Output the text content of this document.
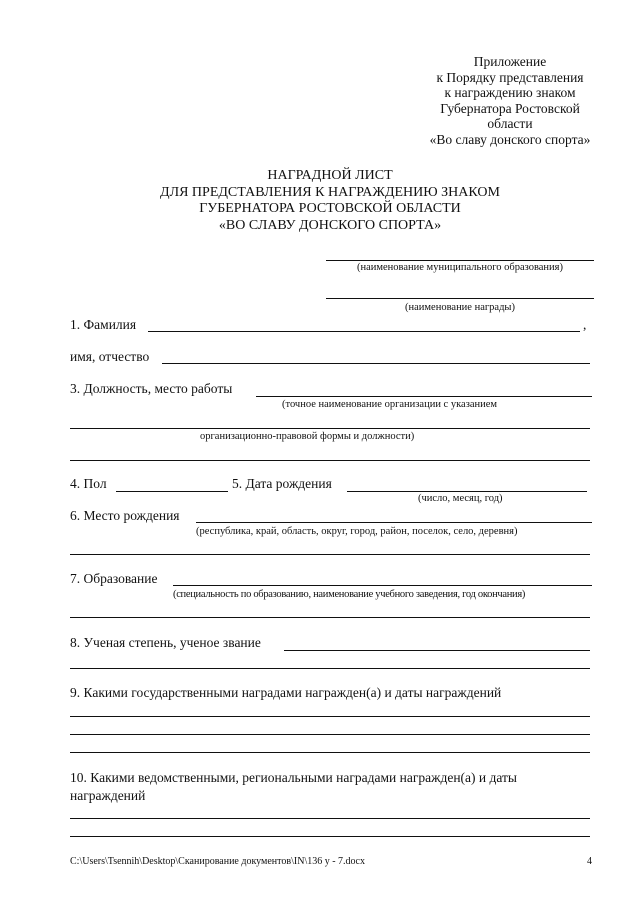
Приложение
к Порядку представления
к награждению знаком
Губернатора Ростовской
области
«Во славу донского спорта»
НАГРАДНОЙ ЛИСТ
ДЛЯ ПРЕДСТАВЛЕНИЯ К НАГРАЖДЕНИЮ ЗНАКОМ
ГУБЕРНАТОРА РОСТОВСКОЙ ОБЛАСТИ
«ВО СЛАВУ ДОНСКОГО СПОРТА»
(наименование муниципального образования)
(наименование награды)
1. Фамилия	,
имя, отчество
3. Должность, место работы
(точное наименование организации с указанием
организационно-правовой формы и должности)
4. Пол	5. Дата рождения
(число, месяц, год)
6. Место рождения
(республика, край, область, округ, город, район, поселок, село, деревня)
7. Образование
(специальность по образованию, наименование учебного заведения, год окончания)
8. Ученая степень, ученое звание
9. Какими государственными наградами награжден(а) и даты награждений
10. Какими ведомственными, региональными наградами награжден(а) и даты
награждений
C:\Users\Tsennih\Desktop\Сканирование документов\IN\136 у - 7.docx	4
